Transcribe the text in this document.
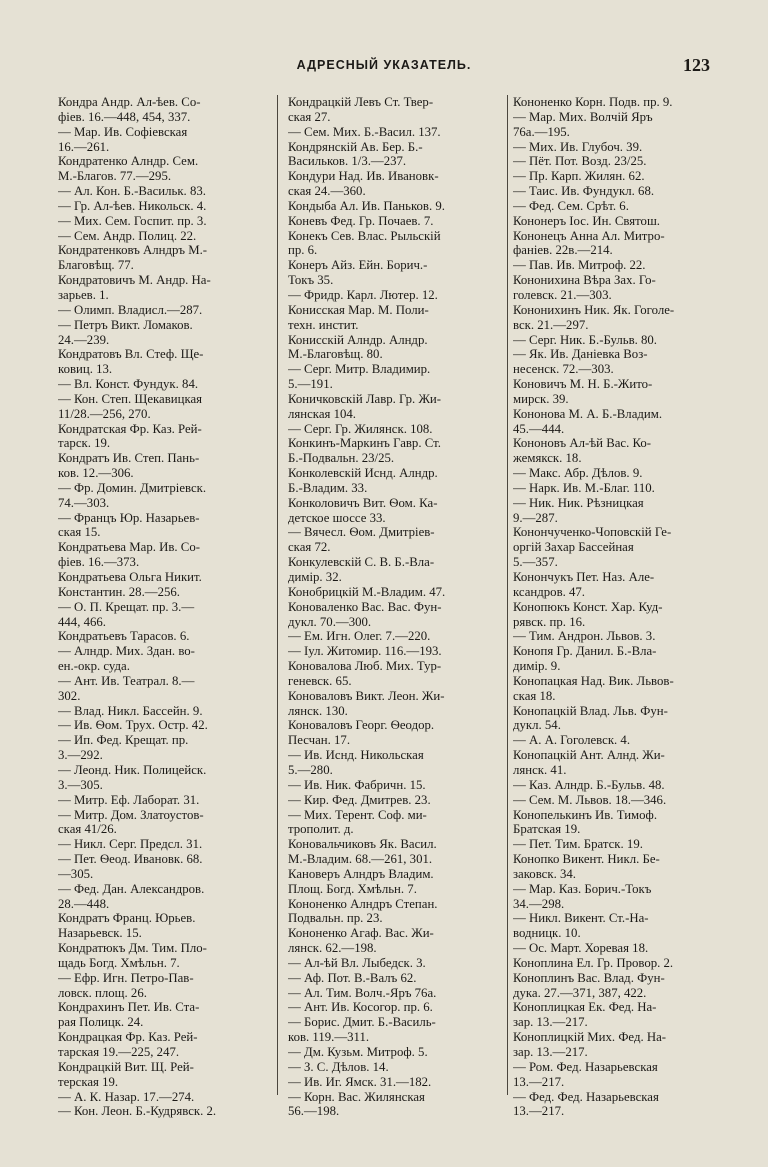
АДРЕСНЫЙ УКАЗАТЕЛЬ.	123
Кондра Андр. Ал-ѣев. Со-
фіев. 16.—448, 454, 337.
— Мар. Ив. Софіевская
16.—261.
Кондратенко Алндр. Сем.
М.-Благов. 77.—295.
— Ал. Кон. Б.-Васильк. 83.
— Гр. Ал-ѣев. Никольск. 4.
— Мих. Сем. Госпит. пр. 3.
— Сем. Андр. Полиц. 22.
Кондратенковъ Алндръ М.-
Благовѣщ. 77.
Кондратовичъ М. Андр. На-
зарьев. 1.
— Олимп. Владисл.—287.
— Петръ Викт. Ломаков.
24.—239.
Кондратовъ Вл. Стеф. Ще-
ковиц. 13.
— Вл. Конст. Фундук. 84.
— Кон. Степ. Щекавицкая
11/28.—256, 270.
Кондратская Фр. Каз. Рей-
тарск. 19.
Кондратъ Ив. Степ. Пань-
ков. 12.—306.
— Фр. Домин. Дмитріевск.
74.—303.
— Францъ Юр. Назарьев-
ская 15.
Кондратьева Мар. Ив. Со-
фіев. 16.—373.
Кондратьева Ольга Никит.
Константин. 28.—256.
— О. П. Крещат. пр. 3.—
444, 466.
Кондратьевъ Тарасов. 6.
— Алндр. Мих. Здан. во-
ен.-окр. суда.
— Ант. Ив. Театрал. 8.—
302.
— Влад. Никл. Бассейн. 9.
— Ив. Ѳом. Трух. Остр. 42.
— Ип. Фед. Крещат. пр.
3.—292.
— Леонд. Ник. Полицейск.
3.—305.
— Митр. Еф. Лаборат. 31.
— Митр. Дом. Златоустов-
ская 41/26.
— Никл. Серг. Предсл. 31.
— Пет. Ѳеод. Ивановк. 68.
—305.
— Фед. Дан. Александров.
28.—448.
Кондратъ Франц. Юрьев.
Назарьевск. 15.
Кондратюкъ Дм. Тим. Пло-
щадь Богд. Хмѣльн. 7.
— Ефр. Игн. Петро-Пав-
ловск. площ. 26.
Кондрахинъ Пет. Ив. Ста-
рая Полицк. 24.
Кондрацкая Фр. Каз. Рей-
тарская 19.—225, 247.
Кондрацкій Вит. Щ. Рей-
терская 19.
— А. К. Назар. 17.—274.
— Кон. Леон. Б.-Кудрявск. 2.
Кондрацкій Левъ Ст. Твер-
ская 27.
— Сем. Мих. Б.-Васил. 137.
Кондрянскій Ав. Бер. Б.-
Васильков. 1/3.—237.
Кондури Над. Ив. Ивановк-
ская 24.—360.
Кондыба Ал. Ив. Паньков. 9.
Коневъ Фед. Гр. Почаев. 7.
Конекъ Сев. Влас. Рыльскій
пр. 6.
Конеръ Айз. Ейн. Борич.-
Токъ 35.
— Фридр. Карл. Лютер. 12.
Конисская Мар. М. Поли-
техн. инстит.
Конисскій Алндр. Алндр.
М.-Благовѣщ. 80.
— Серг. Митр. Владимир.
5.—191.
Коничковскій Лавр. Гр. Жи-
лянская 104.
— Серг. Гр. Жилянск. 108.
Конкинъ-Маркинъ Гавр. Ст.
Б.-Подвальн. 23/25.
Конколевскій Иснд. Алндр.
Б.-Владим. 33.
Конколовичъ Вит. Ѳом. Ка-
детское шоссе 33.
— Вячесл. Ѳом. Дмитріев-
ская 72.
Конкулевскій С. В. Б.-Вла-
димір. 32.
Конобрицкій М.-Владим. 47.
Коноваленко Вас. Вас. Фун-
дукл. 70.—300.
— Ем. Игн. Олег. 7.—220.
— Іул. Житомир. 116.—193.
Коновалова Люб. Мих. Тур-
геневск. 65.
Коноваловъ Викт. Леон. Жи-
лянск. 130.
Коноваловъ Георг. Ѳеодор.
Песчан. 17.
— Ив. Иснд. Никольская
5.—280.
— Ив. Ник. Фабричн. 15.
— Кир. Фед. Дмитрев. 23.
— Мих. Терент. Соф. ми-
трополит. д.
Коновальчиковъ Як. Васил.
М.-Владим. 68.—261, 301.
Кановеръ Алндръ Владим.
Площ. Богд. Хмѣльн. 7.
Кононенко Алндръ Степан.
Подвальн. пр. 23.
Кононенко Агаф. Вас. Жи-
лянск. 62.—198.
— Ал-ѣй Вл. Лыбедск. 3.
— Аф. Пот. В.-Валъ 62.
— Ал. Тим. Волч.-Яръ 76а.
— Ант. Ив. Косогор. пр. 6.
— Борис. Дмит. Б.-Василь-
ков. 119.—311.
— Дм. Кузьм. Митроф. 5.
— З. С. Дѣлов. 14.
— Ив. Иг. Ямск. 31.—182.
— Корн. Вас. Жилянская
56.—198.
Кононенко Корн. Подв. пр. 9.
— Мар. Мих. Волчій Яръ
76а.—195.
— Мих. Ив. Глубоч. 39.
— Пёт. Пот. Возд. 23/25.
— Пр. Карп. Жилян. 62.
— Таис. Ив. Фундукл. 68.
— Фед. Сем. Срѣт. 6.
Кононеръ Іос. Ин. Святош.
Кононецъ Анна Ал. Митро-
фаніев. 22в.—214.
— Пав. Ив. Митроф. 22.
Кононихина Вѣра Зах. Го-
голевск. 21.—303.
Кононихинъ Ник. Як. Гоголе-
вск. 21.—297.
— Серг. Ник. Б.-Бульв. 80.
— Як. Ив. Даніевка Воз-
несенск. 72.—303.
Коновичъ М. Н. Б.-Жито-
мирск. 39.
Кононова М. А. Б.-Владим.
45.—444.
Кононовъ Ал-ѣй Вас. Ко-
жемякск. 18.
— Макс. Абр. Дѣлов. 9.
— Нарк. Ив. М.-Благ. 110.
— Ник. Ник. Рѣзницкая
9.—287.
Конончученко-Чоповскій Ге-
оргій Захар Бассейная
5.—357.
Конончукъ Пет. Наз. Але-
ксандров. 47.
Конопюкъ Конст. Хар. Куд-
рявск. пр. 16.
— Тим. Андрон. Львов. 3.
Конопя Гр. Данил. Б.-Вла-
димір. 9.
Конопацкая Над. Вик. Львов-
ская 18.
Конопацкій Влад. Льв. Фун-
дукл. 54.
— А. А. Гоголевск. 4.
Конопацкій Ант. Алнд. Жи-
лянск. 41.
— Каз. Алндр. Б.-Бульв. 48.
— Сем. М. Львов. 18.—346.
Конопелькинъ Ив. Тимоф.
Братская 19.
— Пет. Тим. Братск. 19.
Конопко Викент. Никл. Бе-
заковск. 34.
— Мар. Каз. Борич.-Токъ
34.—298.
— Никл. Викент. Ст.-На-
водницк. 10.
— Ос. Март. Хоревая 18.
Коноплина Ел. Гр. Провор. 2.
Коноплинъ Вас. Влад. Фун-
дука. 27.—371, 387, 422.
Коноплицкая Ек. Фед. На-
зар. 13.—217.
Коноплицкій Мих. Фед. На-
зар. 13.—217.
— Ром. Фед. Назарьевская
13.—217.
— Фед. Фед. Назарьевская
13.—217.
